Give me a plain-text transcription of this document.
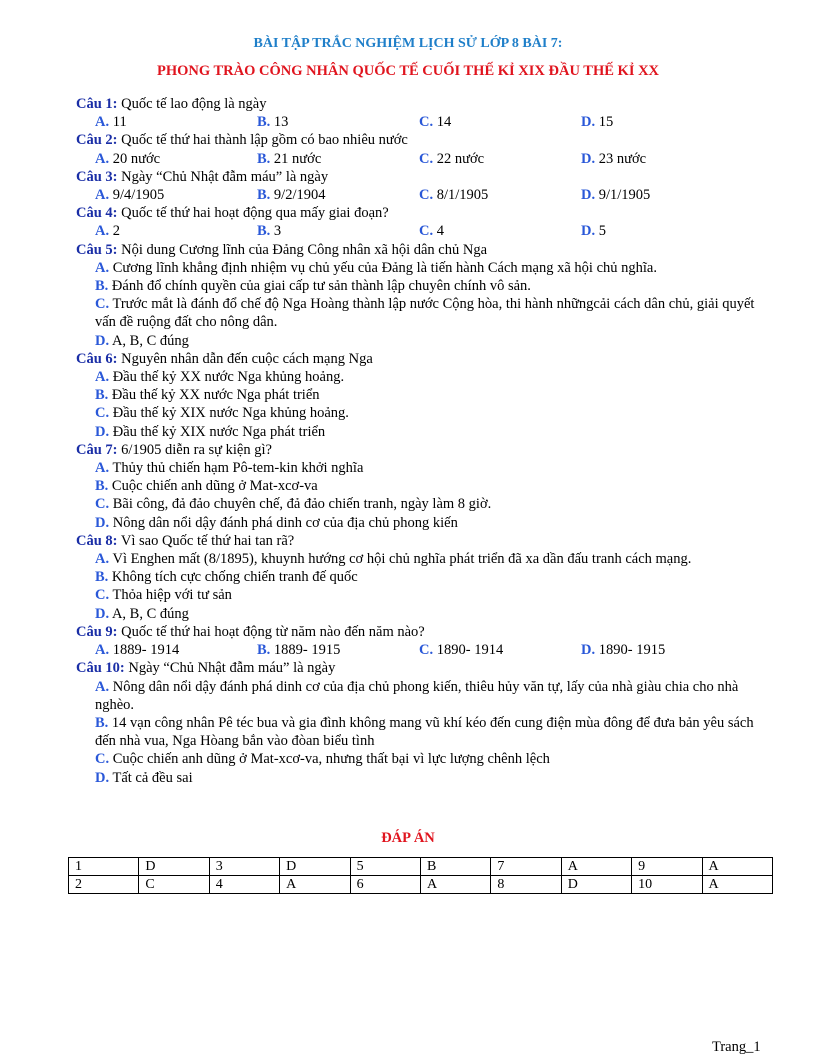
BÀI TẬP TRẮC NGHIỆM LỊCH SỬ LỚP 8 BÀI 7:
PHONG TRÀO CÔNG NHÂN QUỐC TẾ CUỐI THẾ KỈ XIX ĐẦU THẾ KỈ XX
Câu 1: Quốc tế lao động là ngày
A. 11	B. 13	C. 14	D. 15
Câu 2: Quốc tế thứ hai thành lập gồm có bao nhiêu nước
A. 20 nước	B. 21 nước	C. 22 nước	D. 23 nước
Câu 3: Ngày “Chủ Nhật đẫm máu” là ngày
A. 9/4/1905	B. 9/2/1904	C. 8/1/1905	D. 9/1/1905
Câu 4: Quốc tế thứ hai hoạt động qua mấy giai đoạn?
A. 2	B. 3	C. 4	D. 5
Câu 5: Nội dung Cương lĩnh của Đảng Công nhân xã hội dân chủ Nga
A. Cương lĩnh khẳng định nhiệm vụ chủ yếu của Đảng là tiến hành Cách mạng xã hội chủ nghĩa.
B. Đánh đổ chính quyền của giai cấp tư sản thành lập chuyên chính vô sản.
C. Trước mắt là đánh đổ chế độ Nga Hoàng thành lập nước Cộng hòa, thi hành nhữngcải cách dân chủ, giải quyết vấn đề ruộng đất cho nông dân.
D. A, B, C đúng
Câu 6: Nguyên nhân dẫn đến cuộc cách mạng Nga
A. Đầu thế kỷ XX nước Nga khủng hoảng.
B. Đầu thế kỷ XX nước Nga phát triển
C. Đầu thế kỷ XIX nước Nga khủng hoảng.
D. Đầu thế kỷ XIX nước Nga phát triển
Câu 7: 6/1905 diễn ra sự kiện gì?
A. Thủy thủ chiến hạm Pô-tem-kin khởi nghĩa
B. Cuộc chiến anh dũng ở Mat-xcơ-va
C. Bãi công, đả đảo chuyên chế, đả đảo chiến tranh, ngày làm 8 giờ.
D. Nông dân nổi dậy đánh phá dinh cơ của địa chủ phong kiến
Câu 8: Vì sao Quốc tế thứ hai tan rã?
A. Vì Enghen mất (8/1895), khuynh hướng cơ hội chủ nghĩa phát triển đã xa dần đấu tranh cách mạng.
B. Không tích cực chống chiến tranh đế quốc
C. Thỏa hiệp với tư sản
D. A, B, C đúng
Câu 9: Quốc tế thứ hai hoạt động từ năm nào đến năm nào?
A. 1889- 1914	B. 1889- 1915	C. 1890- 1914	D. 1890- 1915
Câu 10: Ngày “Chủ Nhật đẫm máu” là ngày
A. Nông dân nổi dậy đánh phá dinh cơ của địa chủ phong kiến, thiêu hủy văn tự, lấy của nhà giàu chia cho nhà nghèo.
B. 14 vạn công nhân Pê téc bua và gia đình không mang vũ khí kéo đến cung điện mùa đông để đưa bản yêu sách đến nhà vua, Nga Hòang bắn vào đòan biểu tình
C. Cuộc chiến anh dũng ở Mat-xcơ-va, nhưng thất bại vì lực lượng chênh lệch
D. Tất cả đều sai
ĐÁP ÁN
1	D	3	D	5	B	7	A	9	A
2	C	4	A	6	A	8	D	10	A
Trang_1
